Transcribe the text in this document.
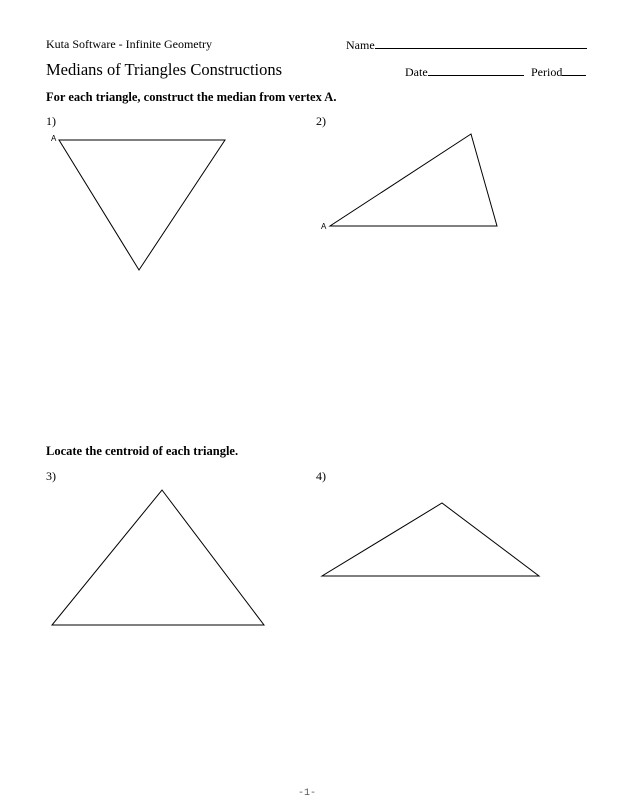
Kuta Software - Infinite Geometry	Name
Medians of Triangles Constructions	Date	Period
For each triangle, construct the median from vertex A.
1)	2)
A
A
Locate the centroid of each triangle.
3)	4)
-1-
